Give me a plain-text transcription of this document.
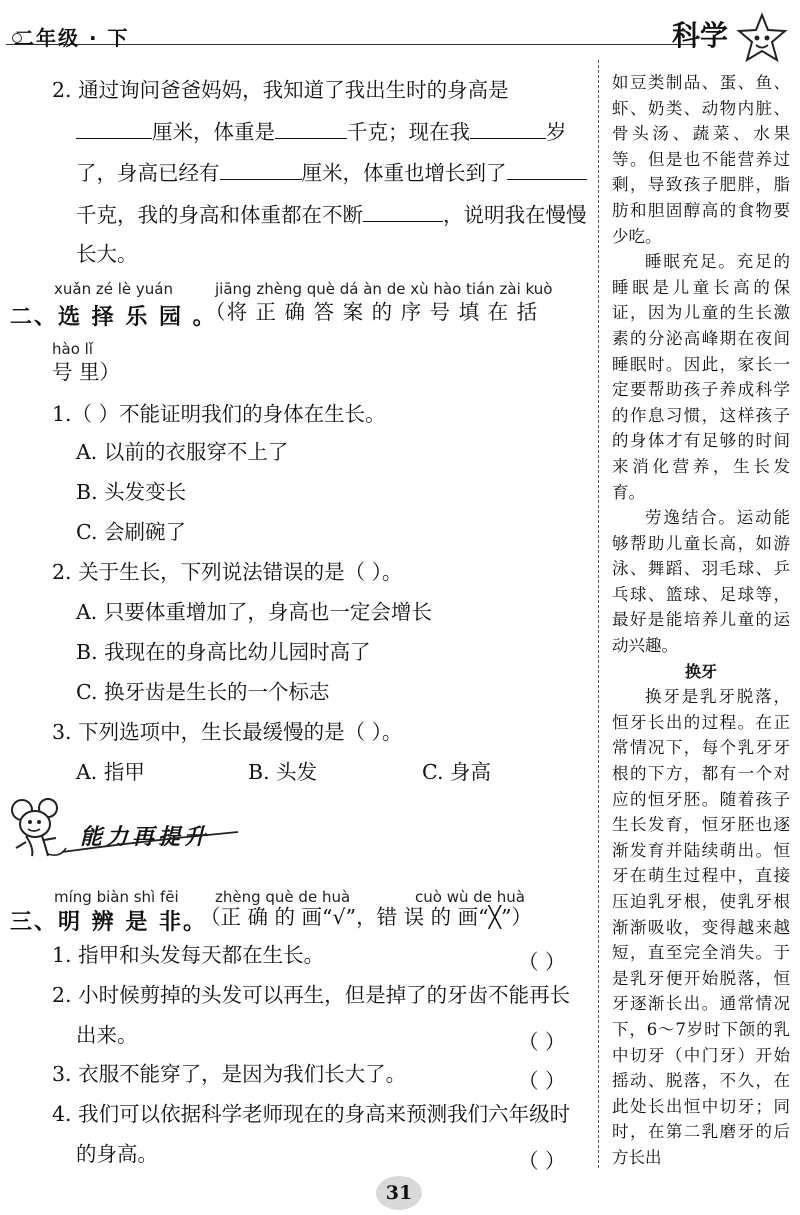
二年级 · 下	科学
2. 通过询问爸爸妈妈，我知道了我出生时的身高是
厘米，体重是	千克；现在我	岁
了，身高已经有	厘米，体重也增长到了
千克，我的身高和体重都在不断	，说明我在慢慢
长大。
xuǎn zé lè yuán	jiāng zhèng què dá àn de xù hào tián zài kuò
二、选 择 乐 园 。
（将 正 确 答 案 的 序 号 填 在 括
hào lǐ
号 里）
1.（ ）不能证明我们的身体在生长。
A. 以前的衣服穿不上了
B. 头发变长
C. 会刷碗了
2. 关于生长，下列说法错误的是（ ）。
A. 只要体重增加了，身高也一定会增长
B. 我现在的身高比幼儿园时高了
C. 换牙齿是生长的一个标志
3. 下列选项中，生长最缓慢的是（ ）。
A. 指甲	B. 头发	C. 身高
能力再提升
míng biàn shì fēi zhèng què de huà	cuò wù de huà
三、明 辨 是 非。
（正 确 的 画“√”，错 误 的 画“╳”）
1. 指甲和头发每天都在生长。	（ ）
2. 小时候剪掉的头发可以再生，但是掉了的牙齿不能再长
出来。	（ ）
3. 衣服不能穿了，是因为我们长大了。	（ ）
4. 我们可以依据科学老师现在的身高来预测我们六年级时
的身高。	（ ）

如豆类制品、蛋、鱼、虾、奶类、动物内脏、骨头汤、蔬菜、水果等。但是也不能营养过剩，导致孩子肥胖，脂肪和胆固醇高的食物要少吃。

睡眠充足。充足的睡眠是儿童长高的保证，因为儿童的生长激素的分泌高峰期在夜间睡眠时。因此，家长一定要帮助孩子养成科学的作息习惯，这样孩子的身体才有足够的时间来消化营养，生长发育。

劳逸结合。运动能够帮助儿童长高，如游泳、舞蹈、羽毛球、乒乓球、篮球、足球等，最好是能培养儿童的运动兴趣。

换牙

换牙是乳牙脱落，恒牙长出的过程。在正常情况下，每个乳牙牙根的下方，都有一个对应的恒牙胚。随着孩子生长发育，恒牙胚也逐渐发育并陆续萌出。恒牙在萌生过程中，直接压迫乳牙根，使乳牙根渐渐吸收，变得越来越短，直至完全消失。于是乳牙便开始脱落，恒牙逐渐长出。通常情况下，6～7岁时下颌的乳中切牙（中门牙）开始摇动、脱落，不久，在此处长出恒中切牙；同时，在第二乳磨牙的后方长出

31
